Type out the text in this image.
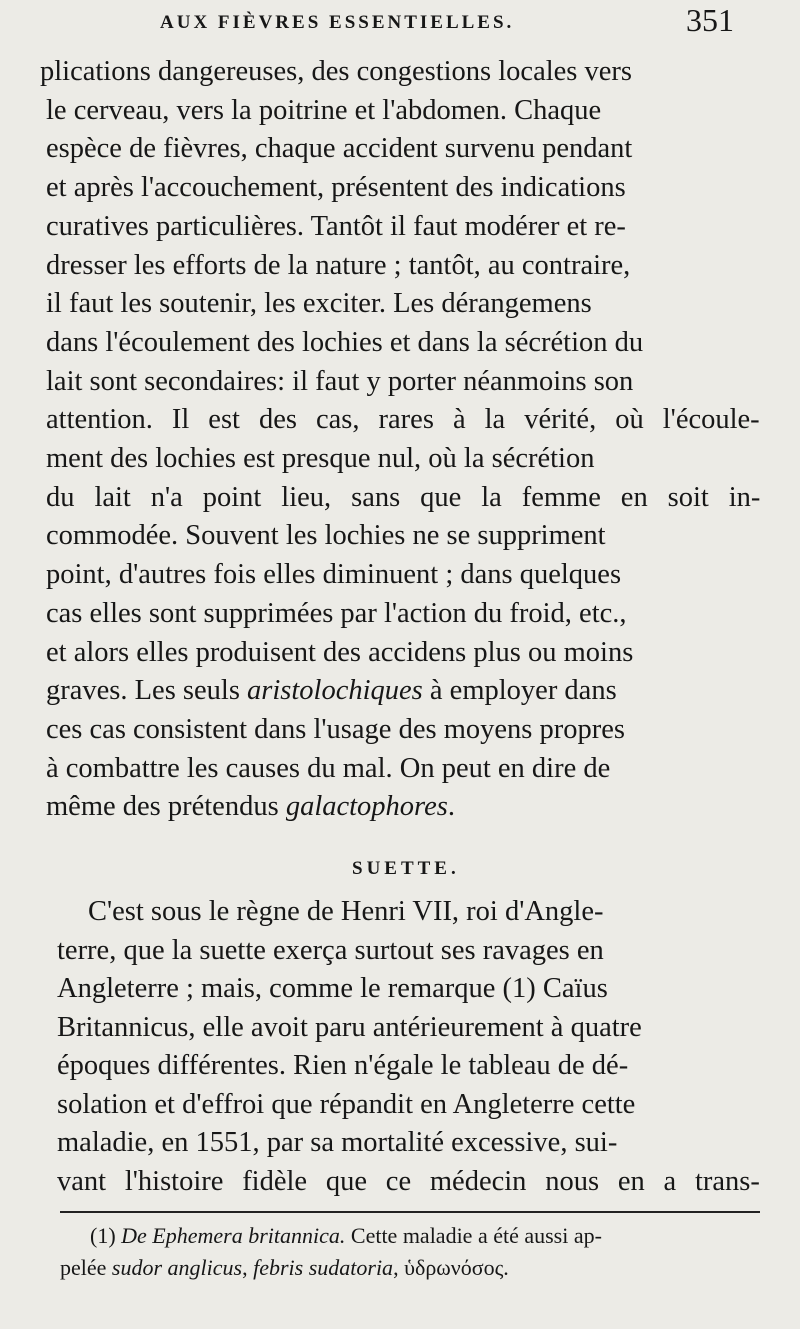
AUX FIÈVRES ESSENTIELLES.	351
plications dangereuses, des congestions locales vers
le cerveau, vers la poitrine et l'abdomen. Chaque
espèce de fièvres, chaque accident survenu pendant
et après l'accouchement, présentent des indications
curatives particulières. Tantôt il faut modérer et re-
dresser les efforts de la nature ; tantôt, au contraire,
il faut les soutenir, les exciter. Les dérangemens
dans l'écoulement des lochies et dans la sécrétion du
lait sont secondaires: il faut y porter néanmoins son
attention. Il est des cas, rares à la vérité, où l'écoule-
ment des lochies est presque nul, où la sécrétion
du lait n'a point lieu, sans que la femme en soit in-
commodée. Souvent les lochies ne se suppriment
point, d'autres fois elles diminuent ; dans quelques
cas elles sont supprimées par l'action du froid, etc.,
et alors elles produisent des accidens plus ou moins
graves. Les seuls aristolochiques à employer dans
ces cas consistent dans l'usage des moyens propres
à combattre les causes du mal. On peut en dire de
même des prétendus galactophores.
SUETTE.
C'est sous le règne de Henri VII, roi d'Angle-
terre, que la suette exerça surtout ses ravages en
Angleterre ; mais, comme le remarque (1) Caïus
Britannicus, elle avoit paru antérieurement à quatre
époques différentes. Rien n'égale le tableau de dé-
solation et d'effroi que répandit en Angleterre cette
maladie, en 1551, par sa mortalité excessive, sui-
vant l'histoire fidèle que ce médecin nous en a trans-
(1) De Ephemera britannica. Cette maladie a été aussi ap-
pelée sudor anglicus, febris sudatoria, ὑδρωνόσος.
